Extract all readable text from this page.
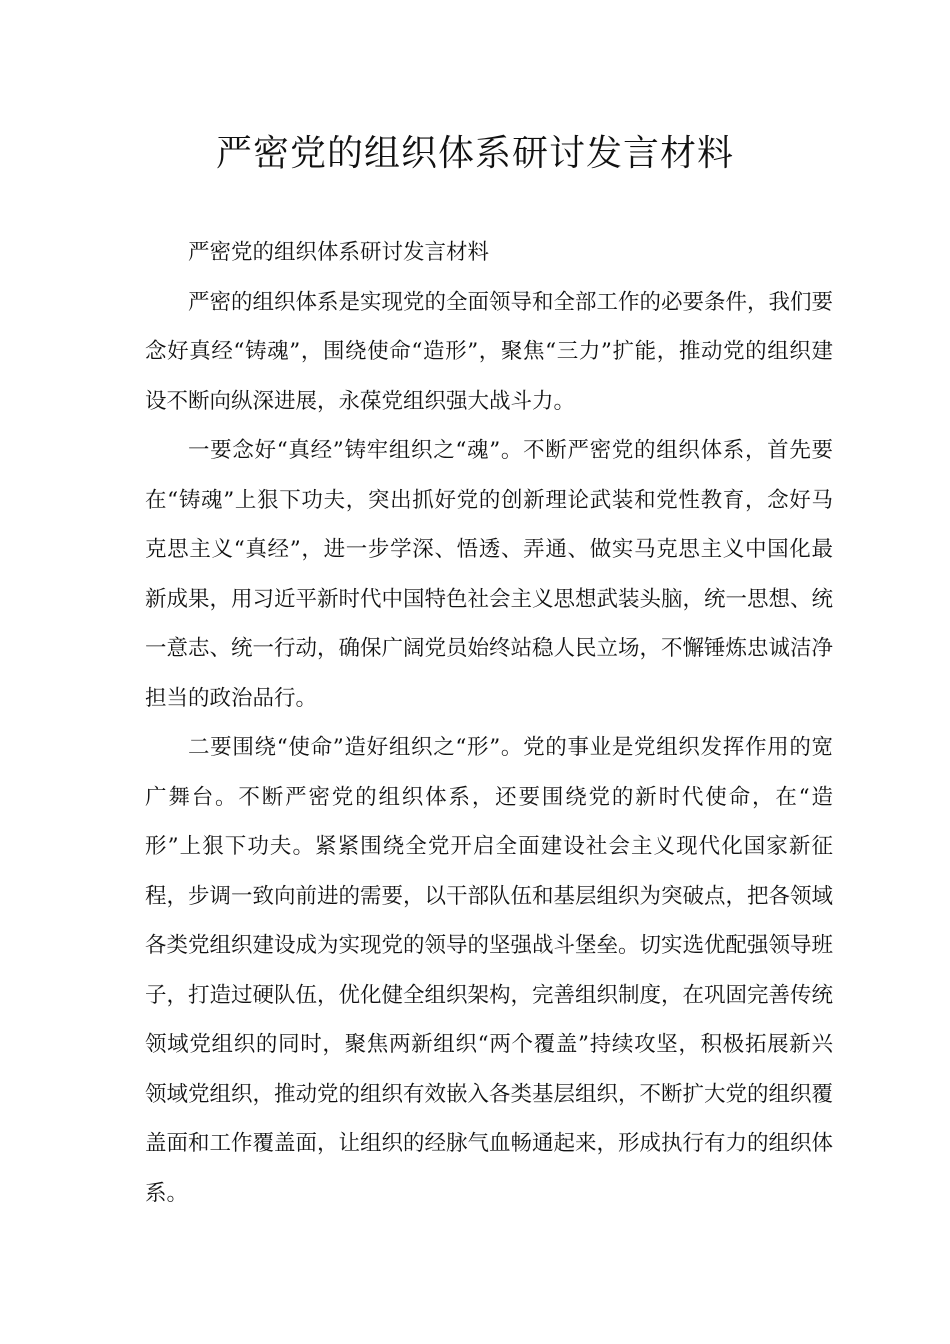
严密党的组织体系研讨发言材料

严密党的组织体系研讨发言材料

严密的组织体系是实现党的全面领导和全部工作的必要条件，我们要念好真经“铸魂”，围绕使命“造形”，聚焦“三力”扩能，推动党的组织建设不断向纵深进展，永葆党组织强大战斗力。

一要念好“真经”铸牢组织之“魂”。不断严密党的组织体系，首先要在“铸魂”上狠下功夫，突出抓好党的创新理论武装和党性教育，念好马克思主义“真经”，进一步学深、悟透、弄通、做实马克思主义中国化最新成果，用习近平新时代中国特色社会主义思想武装头脑，统一思想、统一意志、统一行动，确保广阔党员始终站稳人民立场，不懈锤炼忠诚洁净担当的政治品行。

二要围绕“使命”造好组织之“形”。党的事业是党组织发挥作用的宽广舞台。不断严密党的组织体系，还要围绕党的新时代使命，在“造形”上狠下功夫。紧紧围绕全党开启全面建设社会主义现代化国家新征程，步调一致向前进的需要，以干部队伍和基层组织为突破点，把各领域各类党组织建设成为实现党的领导的坚强战斗堡垒。切实选优配强领导班子，打造过硬队伍，优化健全组织架构，完善组织制度，在巩固完善传统领域党组织的同时，聚焦两新组织“两个覆盖”持续攻坚，积极拓展新兴领域党组织，推动党的组织有效嵌入各类基层组织，不断扩大党的组织覆盖面和工作覆盖面，让组织的经脉气血畅通起来，形成执行有力的组织体系。
